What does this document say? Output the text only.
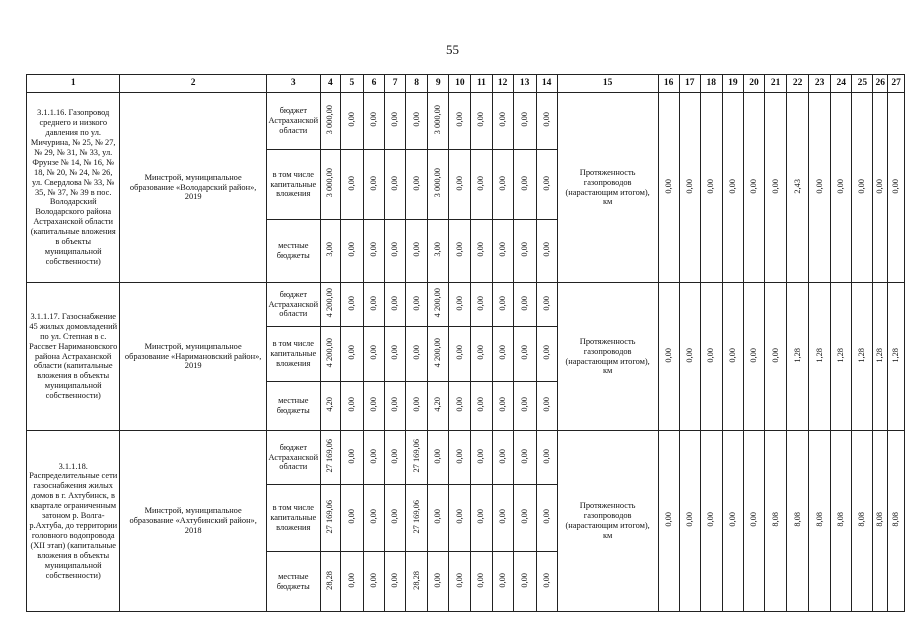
55
1	2	3	4	5	6	7	8	9	10	11	12	13	14	15	16	17	18	19	20	21	22	23	24	25	26	27
3.1.1.16. Газопровод среднего и низкого давления по ул. Мичурина, № 25, № 27, № 29, № 31, № 33, ул. Фрунзе № 14, № 16, № 18, № 20, № 24, № 26, ул. Свердлова № 33, № 35, № 37, № 39 в пос. Володарский Володарского района Астраханской области (капитальные вложения в объекты муниципальной собственности)	Минстрой, муниципальное образование «Володарский район», 2019	бюджет Астраханской области	3 000,00	0,00	0,00	0,00	0,00	3 000,00	0,00	0,00	0,00	0,00	0,00	Протяженность газопроводов (нарастающим итогом), км	0,00	0,00	0,00	0,00	0,00	0,00	2,43	0,00	0,00	0,00	0,00	0,00
		в том числе капитальные вложения	3 000,00	0,00	0,00	0,00	0,00	3 000,00	0,00	0,00	0,00	0,00	0,00													
		местные бюджеты	3,00	0,00	0,00	0,00	0,00	3,00	0,00	0,00	0,00	0,00	0,00													
3.1.1.17. Газоснабжение 45 жилых домовладений по ул. Степная в с. Рассвет Наримановского района Астраханской области (капитальные вложения в объекты муниципальной собственности)	Минстрой, муниципальное образование «Наримановский район», 2019	бюджет Астраханской области	4 200,00	0,00	0,00	0,00	0,00	4 200,00	0,00	0,00	0,00	0,00	0,00	Протяженность газопроводов (нарастающим итогом), км	0,00	0,00	0,00	0,00	0,00	0,00	1,28	1,28	1,28	1,28	1,28	1,28
		в том числе капитальные вложения	4 200,00	0,00	0,00	0,00	0,00	4 200,00	0,00	0,00	0,00	0,00	0,00													
		местные бюджеты	4,20	0,00	0,00	0,00	0,00	4,20	0,00	0,00	0,00	0,00	0,00													
3.1.1.18. Распределительные сети газоснабжения жилых домов в г. Ахтубинск, в квартале ограниченным затоном р. Волга-р.Ахтуба, до территории головного водопровода (XII этап) (капитальные вложения в объекты муниципальной собственности)	Минстрой, муниципальное образование «Ахтубинский район», 2018	бюджет Астраханской области	27 169,06	0,00	0,00	0,00	27 169,06	0,00	0,00	0,00	0,00	0,00	0,00	Протяженность газопроводов (нарастающим итогом), км	0,00	0,00	0,00	0,00	0,00	8,08	8,08	8,08	8,08	8,08	8,08	8,08
		в том числе капитальные вложения	27 169,06	0,00	0,00	0,00	27 169,06	0,00	0,00	0,00	0,00	0,00	0,00													
		местные бюджеты	28,28	0,00	0,00	0,00	28,28	0,00	0,00	0,00	0,00	0,00	0,00													
